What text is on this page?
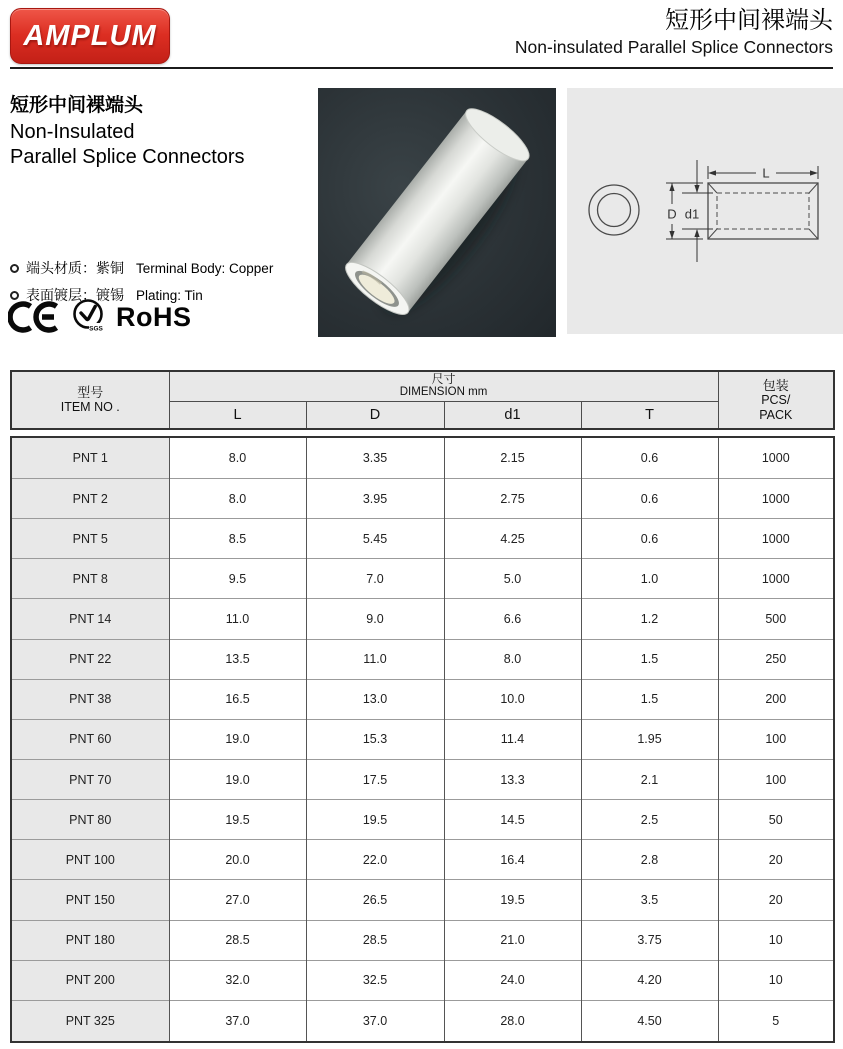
AMPLUM	短形中间裸端头
Non-insulated Parallel Splice Connectors
短形中间裸端头
Non-Insulated
Parallel Splice Connectors
端头材质：紫铜 Terminal Body: Copper
表面镀层：镀锡 Plating: Tin
SGS RoHS
L
D d1
型号
ITEM NO .

尺寸
DIMENSION mm	包装
PCS/
PACK

	L	D	d1	T	
PNT 1	8.0	3.35	2.15	0.6	1000
PNT 2	8.0	3.95	2.75	0.6	1000
PNT 5	8.5	5.45	4.25	0.6	1000
PNT 8	9.5	7.0	5.0	1.0	1000
PNT 14	11.0	9.0	6.6	1.2	500
PNT 22	13.5	11.0	8.0	1.5	250
PNT 38	16.5	13.0	10.0	1.5	200
PNT 60	19.0	15.3	11.4	1.95	100
PNT 70	19.0	17.5	13.3	2.1	100
PNT 80	19.5	19.5	14.5	2.5	50
PNT 100	20.0	22.0	16.4	2.8	20
PNT 150	27.0	26.5	19.5	3.5	20
PNT 180	28.5	28.5	21.0	3.75	10
PNT 200	32.0	32.5	24.0	4.20	10
PNT 325	37.0	37.0	28.0	4.50	5
